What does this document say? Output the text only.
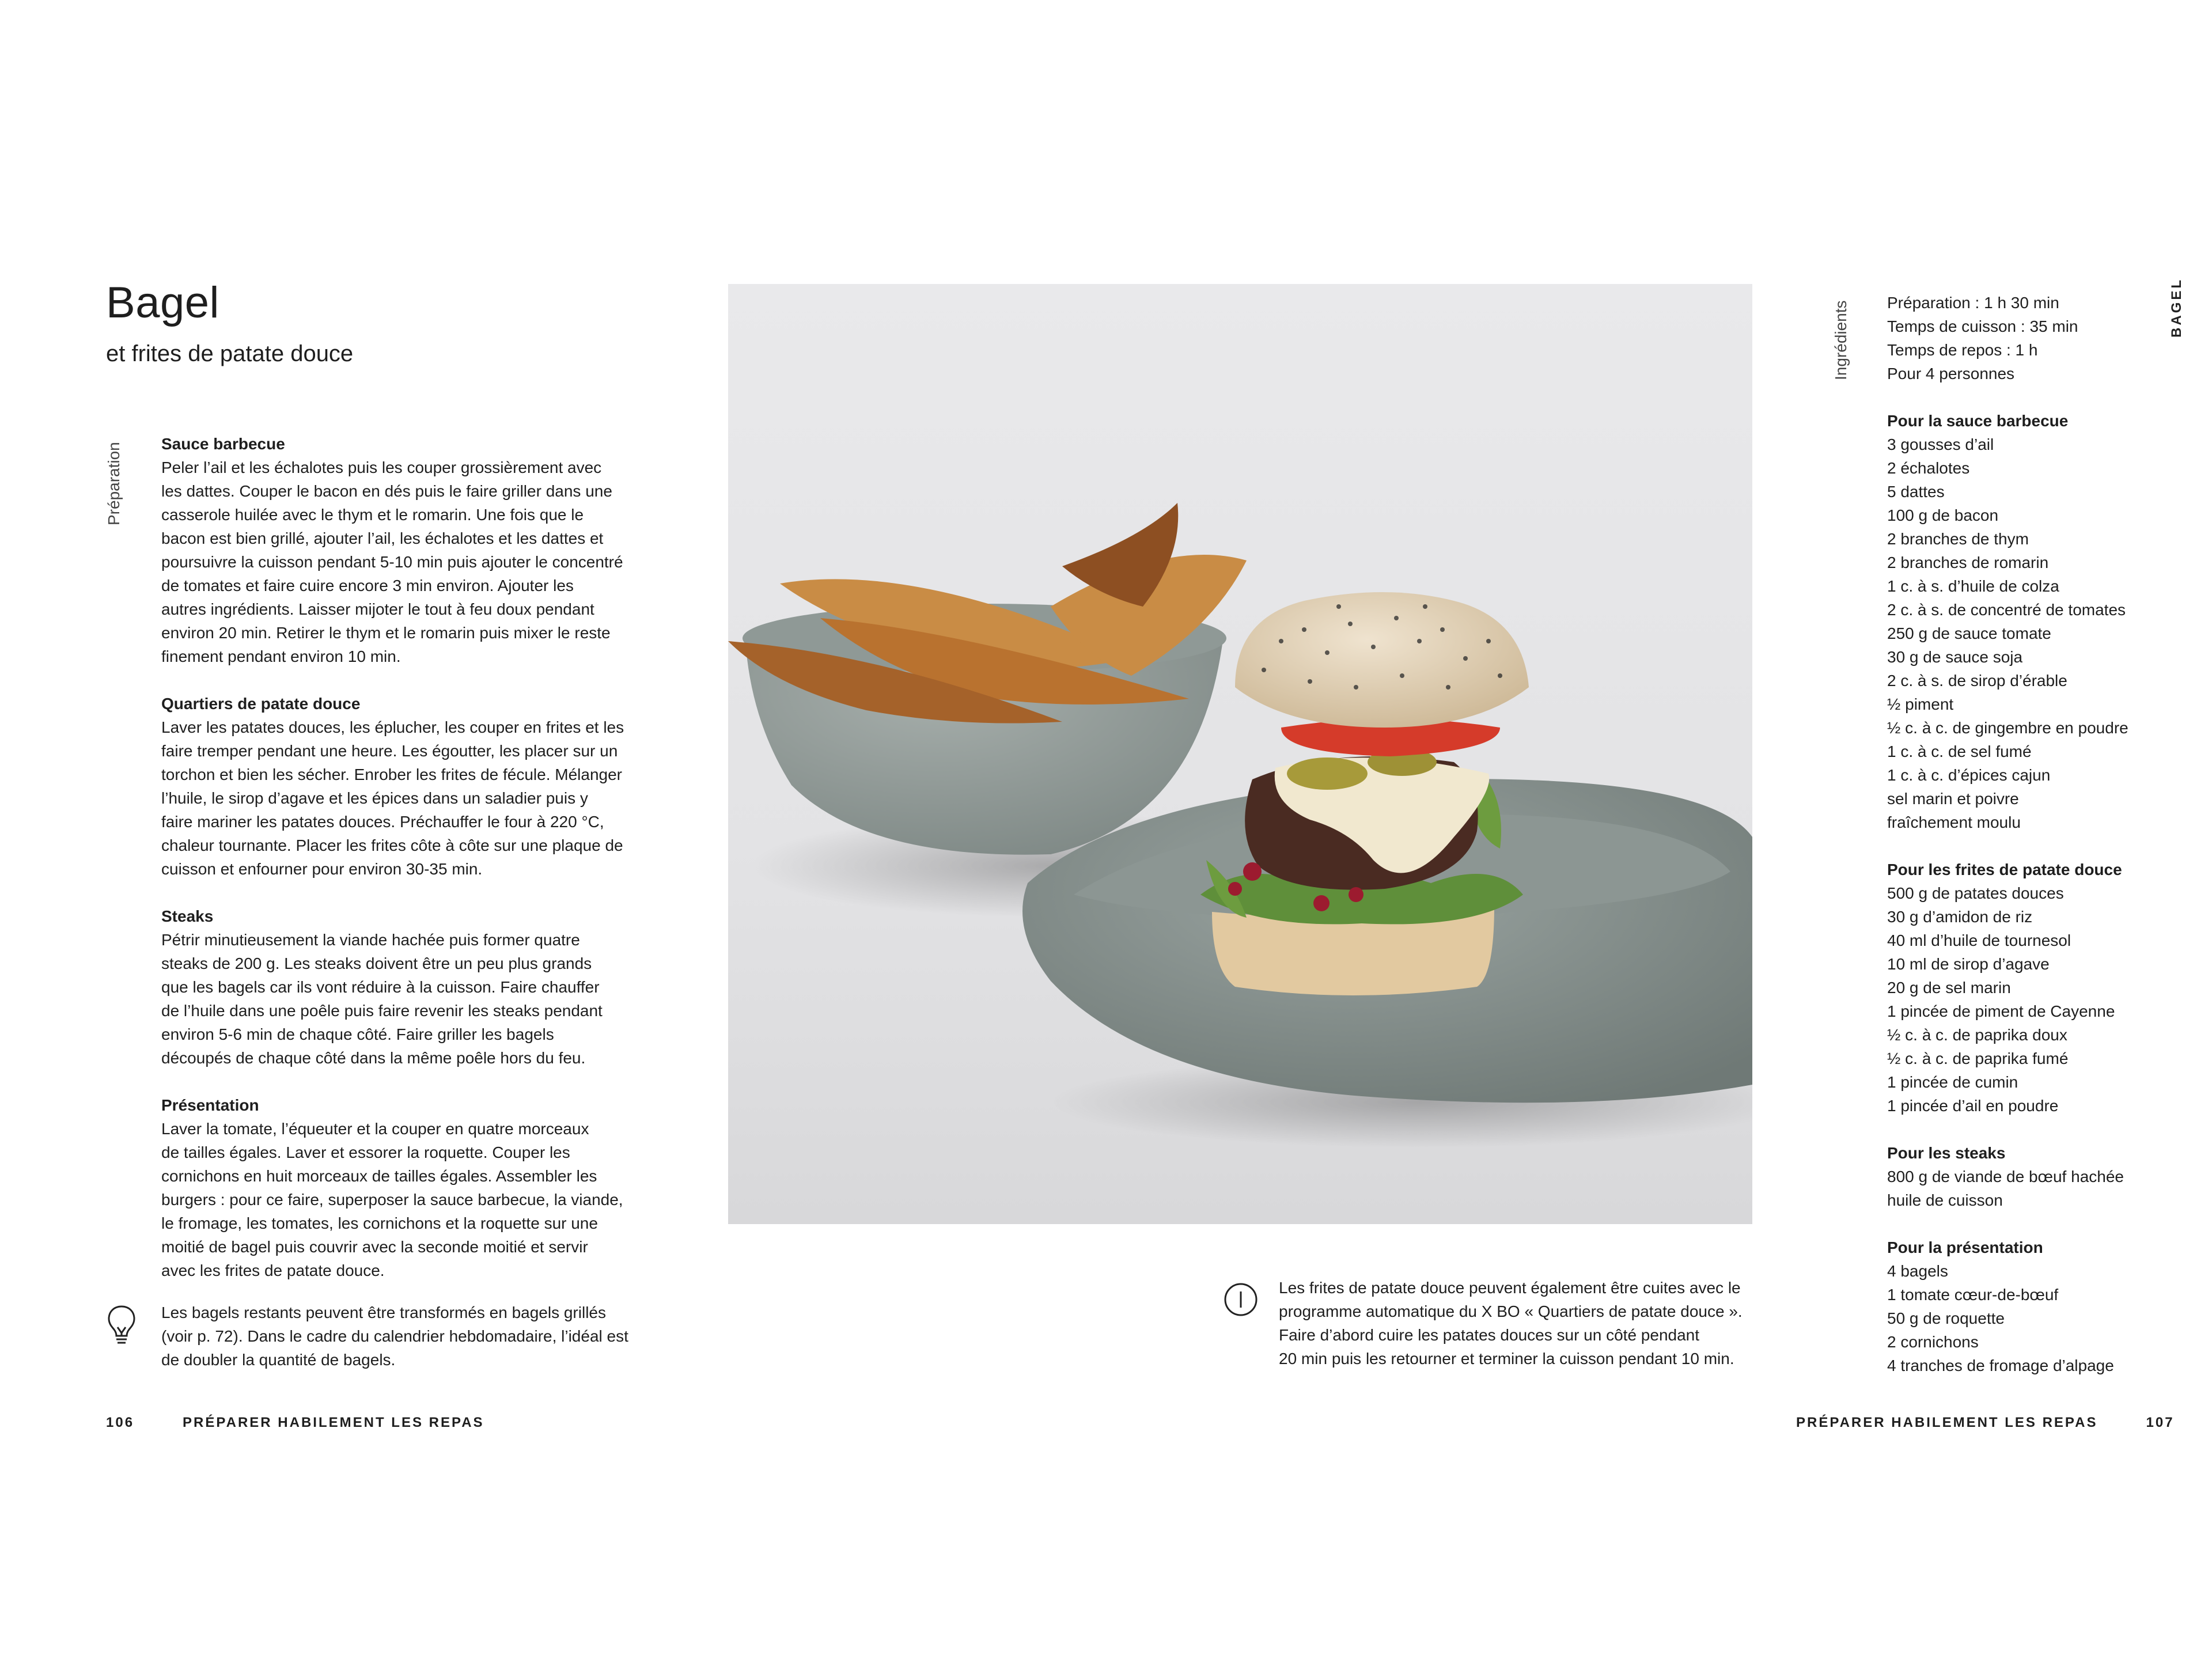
Bagel
et frites de patate douce
Préparation Sauce barbecue
Peler l’ail et les échalotes puis les couper grossièrement avec
les dattes. Couper le bacon en dés puis le faire griller dans une
casserole huilée avec le thym et le romarin. Une fois que le
bacon est bien grillé, ajouter l’ail, les échalotes et les dattes et
poursuivre la cuisson pendant 5-10 min puis ajouter le concentré
de tomates et faire cuire encore 3 min environ. Ajouter les
autres ingrédients. Laisser mijoter le tout à feu doux pendant
environ 20 min. Retirer le thym et le romarin puis mixer le reste
finement pendant environ 10 min.
Quartiers de patate douce
Laver les patates douces, les éplucher, les couper en frites et les
faire tremper pendant une heure. Les égoutter, les placer sur un
torchon et bien les sécher. Enrober les frites de fécule. Mélanger
l’huile, le sirop d’agave et les épices dans un saladier puis y
faire mariner les patates douces. Préchauffer le four à 220 °C,
chaleur tournante. Placer les frites côte à côte sur une plaque de
cuisson et enfourner pour environ 30-35 min.
Steaks
Pétrir minutieusement la viande hachée puis former quatre
steaks de 200 g. Les steaks doivent être un peu plus grands
que les bagels car ils vont réduire à la cuisson. Faire chauffer
de l’huile dans une poêle puis faire revenir les steaks pendant
environ 5-6 min de chaque côté. Faire griller les bagels
découpés de chaque côté dans la même poêle hors du feu.
Présentation
Laver la tomate, l’équeuter et la couper en quatre morceaux
de tailles égales. Laver et essorer la roquette. Couper les
cornichons en huit morceaux de tailles égales. Assembler les
burgers : pour ce faire, superposer la sauce barbecue, la viande,
le fromage, les tomates, les cornichons et la roquette sur une
moitié de bagel puis couvrir avec la seconde moitié et servir
avec les frites de patate douce.
Les bagels restants peuvent être transformés en bagels grillés
(voir p. 72). Dans le cadre du calendrier hebdomadaire, l’idéal est
de doubler la quantité de bagels.
106	PRÉPARER HABILEMENT LES REPAS
Les frites de patate douce peuvent également être cuites avec le
programme automatique du X BO « Quartiers de patate douce ».
Faire d’abord cuire les patates douces sur un côté pendant
20 min puis les retourner et terminer la cuisson pendant 10 min.
Ingrédients	BAGEL
Préparation : 1 h 30 min
Temps de cuisson : 35 min
Temps de repos : 1 h
Pour 4 personnes
Pour la sauce barbecue
3 gousses d’ail
2 échalotes
5 dattes
100 g de bacon
2 branches de thym
2 branches de romarin
1 c. à s. d’huile de colza
2 c. à s. de concentré de tomates
250 g de sauce tomate
30 g de sauce soja
2 c. à s. de sirop d’érable
½ piment
½ c. à c. de gingembre en poudre
1 c. à c. de sel fumé
1 c. à c. d’épices cajun
sel marin et poivre
fraîchement moulu
Pour les frites de patate douce
500 g de patates douces
30 g d’amidon de riz
40 ml d’huile de tournesol
10 ml de sirop d’agave
20 g de sel marin
1 pincée de piment de Cayenne
½ c. à c. de paprika doux
½ c. à c. de paprika fumé
1 pincée de cumin
1 pincée d’ail en poudre
Pour les steaks
800 g de viande de bœuf hachée
huile de cuisson
Pour la présentation
4 bagels
1 tomate cœur-de-bœuf
50 g de roquette
2 cornichons
4 tranches de fromage d’alpage
PRÉPARER HABILEMENT LES REPAS	107
